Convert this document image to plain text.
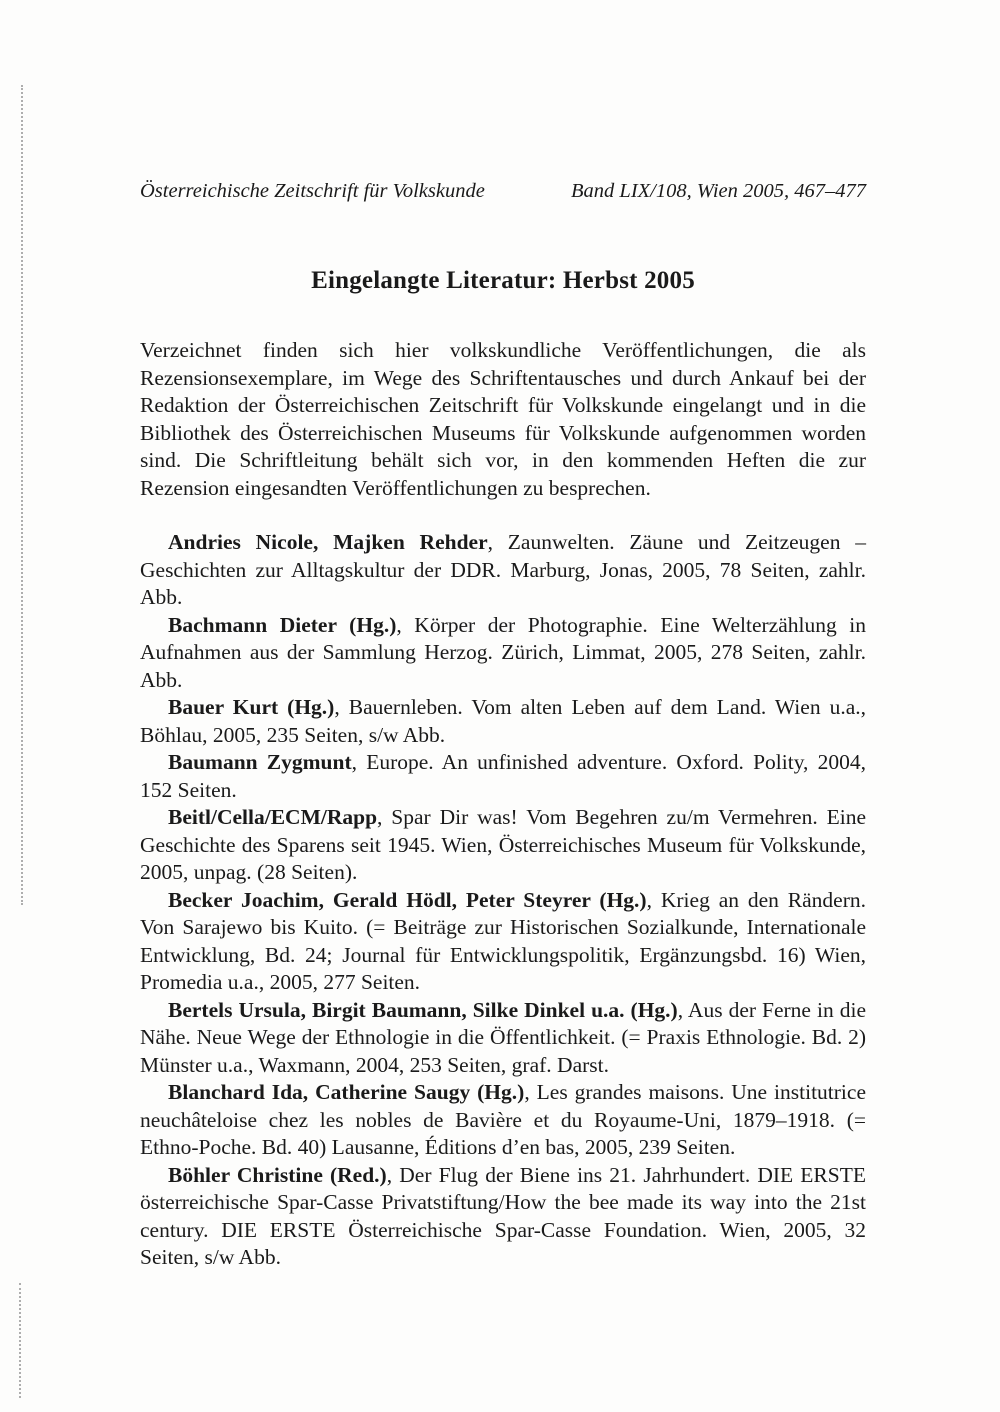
Österreichische Zeitschrift für Volkskunde	Band LIX/108, Wien 2005, 467–477
Eingelangte Literatur: Herbst 2005

Verzeichnet finden sich hier volkskundliche Veröffentlichungen, die als Rezensionsexemplare, im Wege des Schriftentausches und durch Ankauf bei der Redaktion der Österreichischen Zeitschrift für Volkskunde eingelangt und in die Bibliothek des Österreichischen Museums für Volkskunde aufgenommen worden sind. Die Schriftleitung behält sich vor, in den kommenden Heften die zur Rezension eingesandten Veröffentlichungen zu besprechen.

Andries Nicole, Majken Rehder, Zaunwelten. Zäune und Zeitzeugen – Geschichten zur Alltagskultur der DDR. Marburg, Jonas, 2005, 78 Seiten, zahlr. Abb.

Bachmann Dieter (Hg.), Körper der Photographie. Eine Welterzählung in Aufnahmen aus der Sammlung Herzog. Zürich, Limmat, 2005, 278 Seiten, zahlr. Abb.

Bauer Kurt (Hg.), Bauernleben. Vom alten Leben auf dem Land. Wien u.a., Böhlau, 2005, 235 Seiten, s/w Abb.

Baumann Zygmunt, Europe. An unfinished adventure. Oxford. Polity, 2004, 152 Seiten.

Beitl/Cella/ECM/Rapp, Spar Dir was! Vom Begehren zu/m Vermehren. Eine Geschichte des Sparens seit 1945. Wien, Österreichisches Museum für Volkskunde, 2005, unpag. (28 Seiten).

Becker Joachim, Gerald Hödl, Peter Steyrer (Hg.), Krieg an den Rändern. Von Sarajewo bis Kuito. (= Beiträge zur Historischen Sozialkunde, Internationale Entwicklung, Bd. 24; Journal für Entwicklungspolitik, Ergänzungsbd. 16) Wien, Promedia u.a., 2005, 277 Seiten.

Bertels Ursula, Birgit Baumann, Silke Dinkel u.a. (Hg.), Aus der Ferne in die Nähe. Neue Wege der Ethnologie in die Öffentlichkeit. (= Praxis Ethnologie. Bd. 2) Münster u.a., Waxmann, 2004, 253 Seiten, graf. Darst.

Blanchard Ida, Catherine Saugy (Hg.), Les grandes maisons. Une institutrice neuchâteloise chez les nobles de Bavière et du Royaume-Uni, 1879–1918. (= Ethno-Poche. Bd. 40) Lausanne, Éditions d’en bas, 2005, 239 Seiten.

Böhler Christine (Red.), Der Flug der Biene ins 21. Jahrhundert. DIE ERSTE österreichische Spar-Casse Privatstiftung/How the bee made its way into the 21st century. DIE ERSTE Österreichische Spar-Casse Foundation. Wien, 2005, 32 Seiten, s/w Abb.
